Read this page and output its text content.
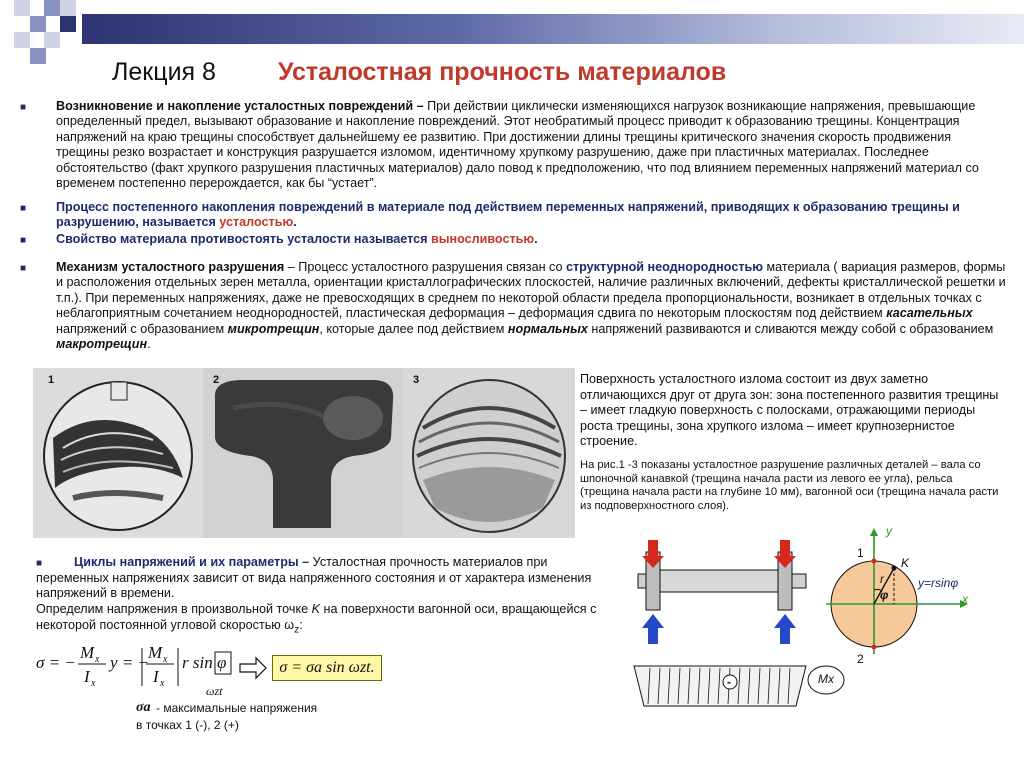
Лекция 8 Усталостная прочность материалов
■ Возникновение и накопление усталостных повреждений – При действии циклически изменяющихся нагрузок возникающие напряжения, превышающие определенный предел, вызывают образование и накопление повреждений. Этот необратимый процесс приводит к образованию трещины. Концентрация напряжений на краю трещины способствует дальнейшему ее развитию. При достижении длины трещины критического значения скорость продвижения трещины резко возрастает и конструкция разрушается изломом, идентичному хрупкому разрушению, даже при пластичных материалах. Последнее обстоятельство (факт хрупкого разрушения пластичных материалов) дало повод к предположению, что под влиянием переменных напряжений материал со временем постепенно перерождается, как бы “устает”.
■ Процесс постепенного накопления повреждений в материале под действием переменных напряжений, приводящих к образованию трещины и разрушению, называется усталостью.
■ Свойство материала противостоять усталости называется выносливостью.
■ Механизм усталостного разрушения – Процесс усталостного разрушения связан со структурной неоднородностью материала ( вариация размеров, формы и расположения отдельных зерен металла, ориентации кристаллографических плоскостей, наличие различных включений, дефекты кристаллической решетки и т.п.). При переменных напряжениях, даже не превосходящих в среднем по некоторой области предела пропорциональности, возникает в отдельных точках с неблагоприятным сочетанием неоднородностей, пластическая деформация – деформация сдвига по некоторым плоскостям под действием касательных напряжений с образованием микротрещин, которые далее под действием нормальных напряжений развиваются и сливаются между собой с образованием макротрещин.
1	2	3	Поверхность усталостного излома состоит из двух заметно отличающихся друг от друга зон: зона постепенного развития трещины – имеет гладкую поверхность с полосками, отражающими периоды роста трещины, зона хрупкого излома – имеет крупнозернистое строение.
На рис.1 -3 показаны усталостное разрушение различных деталей – вала со шпоночной канавкой (трещина начала расти из левого ее угла), рельса (трещина начала расти на глубине 10 мм), вагонной оси (трещина начала расти из подповерхностного слоя).
■	Циклы напряжений и их параметры – Усталостная прочность материалов при переменных напряжениях зависит от вида напряженного состояния и от характера изменения напряжений в времени.
Определим напряжения в произвольной точке K на поверхности вагонной оси, вращающейся с некоторой постоянной угловой скоростью $\omega_z$:
σ = −
M x
I x
y = −
M x
I x
r sin φ
ωzt
σ = σa sin ωzt.
σa - максимальные напряжения
в точках 1 (-), 2 (+)
-	Mx
y
x
K
r
φ
y=rsinφ
1
2
